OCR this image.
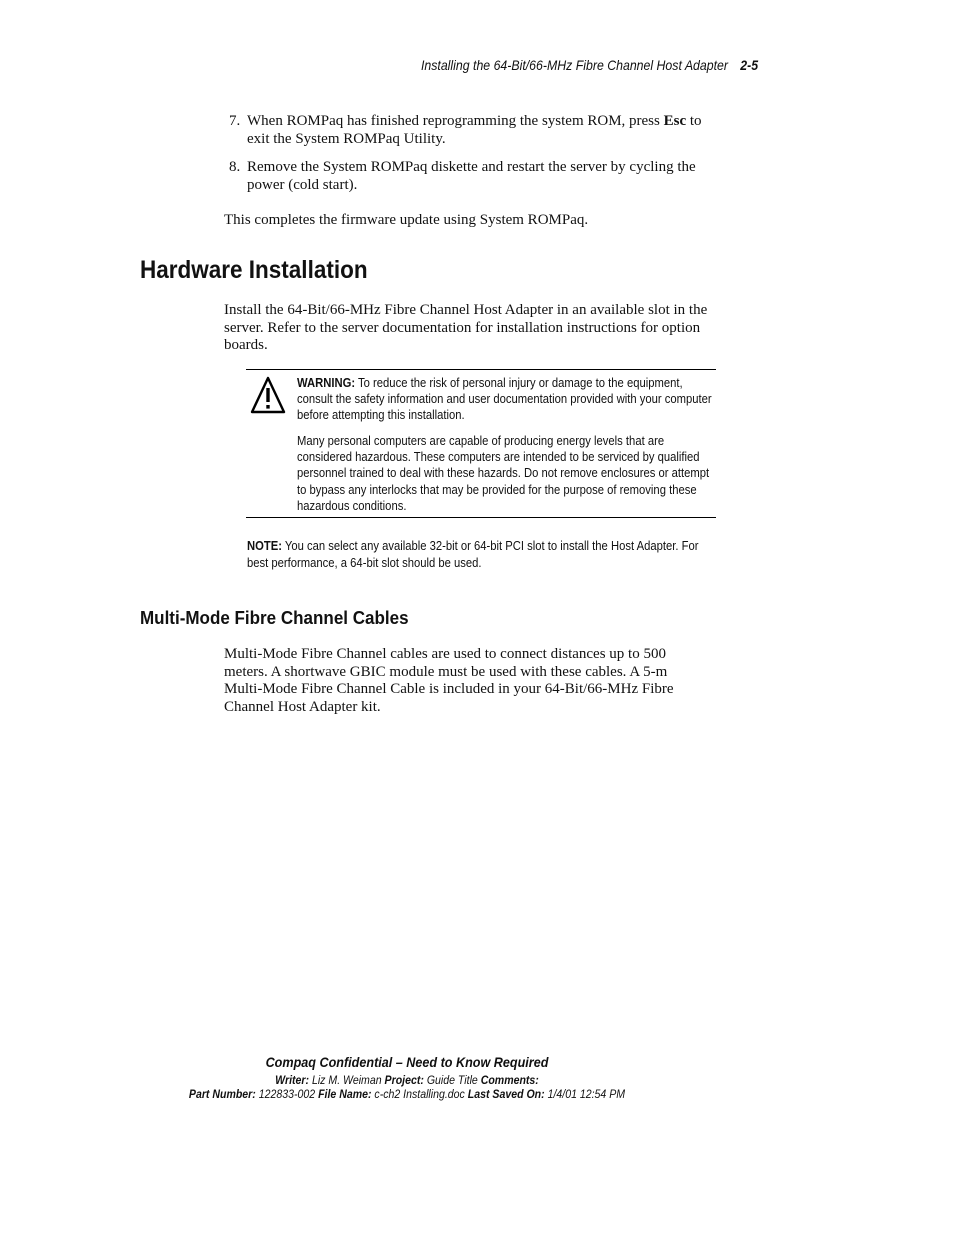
Installing the 64-Bit/66-MHz Fibre Channel Host Adapter 2-5
7. When ROMPaq has finished reprogramming the system ROM, press Esc to exit the System ROMPaq Utility.
8. Remove the System ROMPaq diskette and restart the server by cycling the power (cold start).
This completes the firmware update using System ROMPaq.
Hardware Installation
Install the 64-Bit/66-MHz Fibre Channel Host Adapter in an available slot in the server. Refer to the server documentation for installation instructions for option boards.
WARNING: To reduce the risk of personal injury or damage to the equipment, consult the safety information and user documentation provided with your computer before attempting this installation.
Many personal computers are capable of producing energy levels that are considered hazardous. These computers are intended to be serviced by qualified personnel trained to deal with these hazards. Do not remove enclosures or attempt to bypass any interlocks that may be provided for the purpose of removing these hazardous conditions.
NOTE: You can select any available 32-bit or 64-bit PCI slot to install the Host Adapter. For best performance, a 64-bit slot should be used.
Multi-Mode Fibre Channel Cables
Multi-Mode Fibre Channel cables are used to connect distances up to 500 meters. A shortwave GBIC module must be used with these cables. A 5-m Multi-Mode Fibre Channel Cable is included in your 64-Bit/66-MHz Fibre Channel Host Adapter kit.
Compaq Confidential – Need to Know Required
Writer: Liz M. Weiman Project: Guide Title Comments:
Part Number: 122833-002 File Name: c-ch2 Installing.doc Last Saved On: 1/4/01 12:54 PM
